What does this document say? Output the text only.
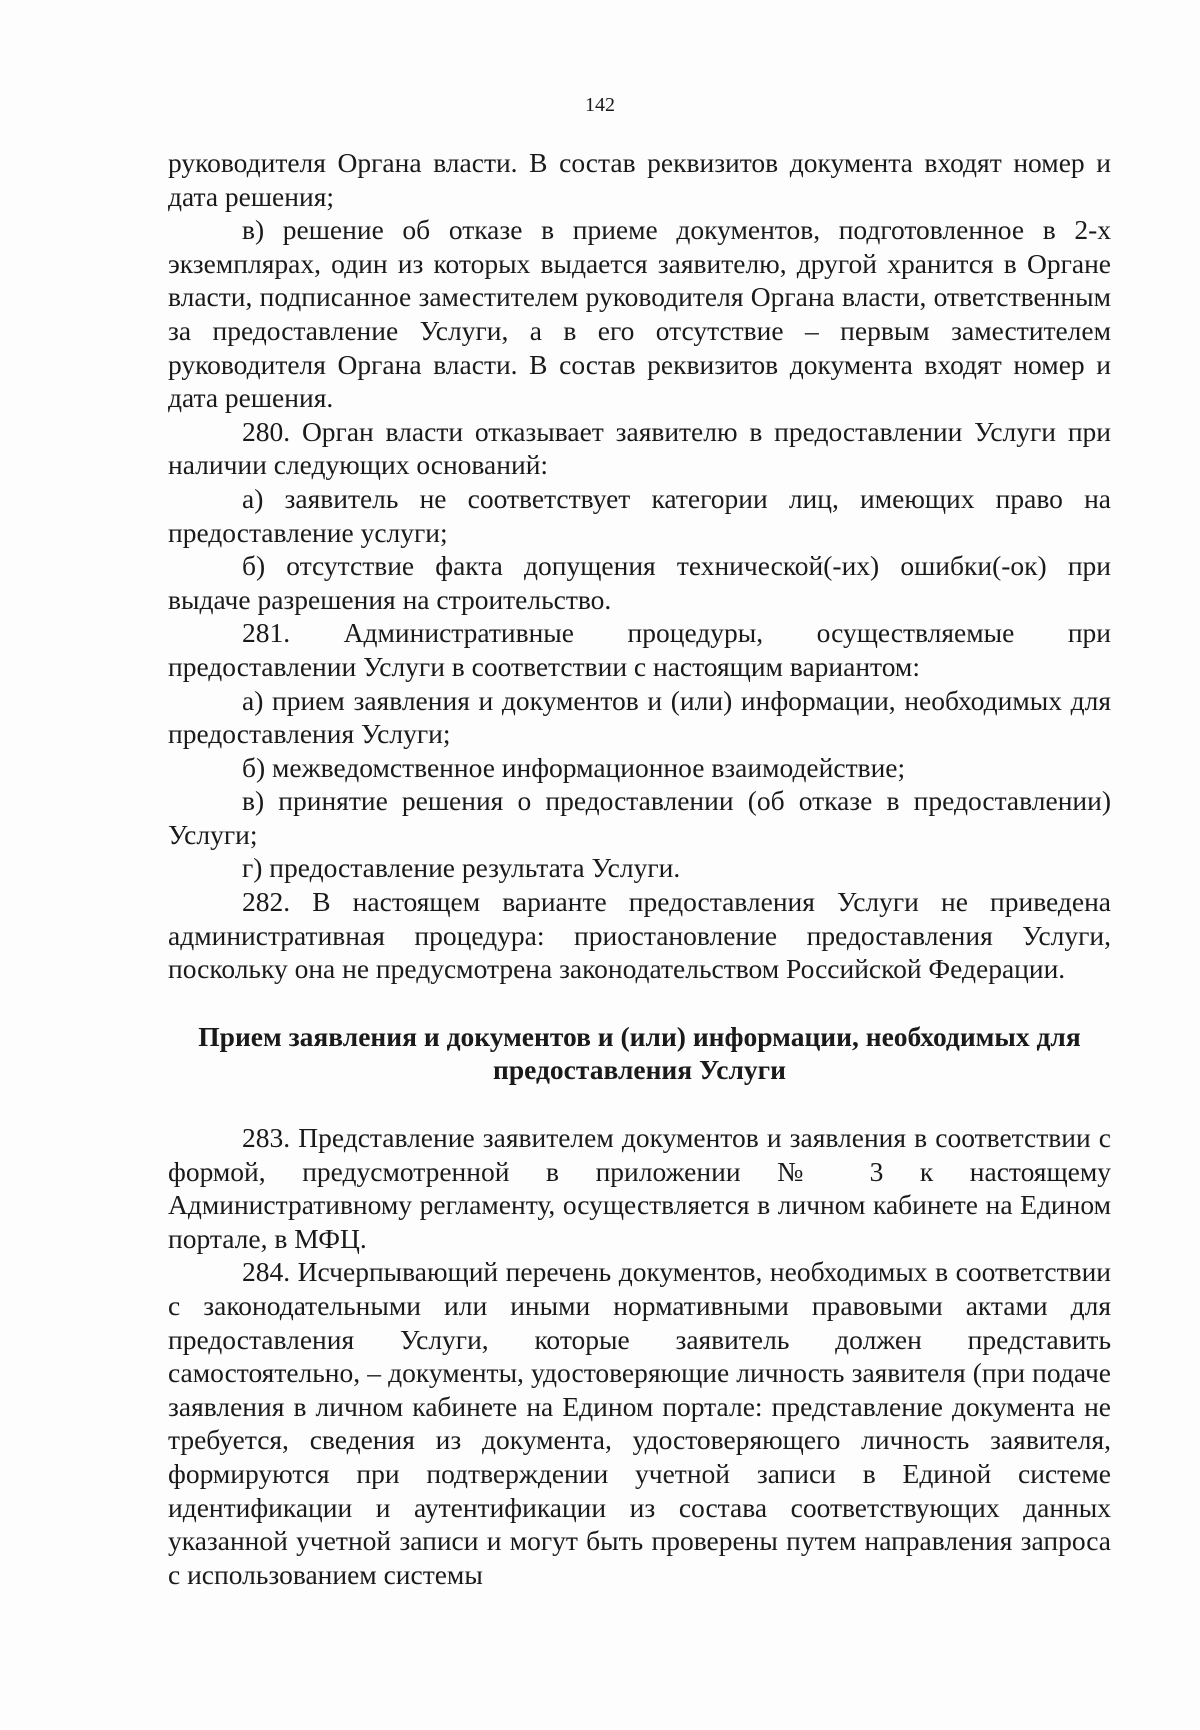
142

руководителя Органа власти. В состав реквизитов документа входят номер и дата решения;

в) решение об отказе в приеме документов, подготовленное в 2-х экземплярах, один из которых выдается заявителю, другой хранится в Органе власти, подписанное заместителем руководителя Органа власти, ответственным за предоставление Услуги, а в его отсутствие – первым заместителем руководителя Органа власти. В состав реквизитов документа входят номер и дата решения.

280. Орган власти отказывает заявителю в предоставлении Услуги при наличии следующих оснований:

а) заявитель не соответствует категории лиц, имеющих право на предоставление услуги;

б) отсутствие факта допущения технической(-их) ошибки(-ок) при выдаче разрешения на строительство.

281. Административные процедуры, осуществляемые при предоставлении Услуги в соответствии с настоящим вариантом:

а) прием заявления и документов и (или) информации, необходимых для предоставления Услуги;

б) межведомственное информационное взаимодействие;

в) принятие решения о предоставлении (об отказе в предоставлении) Услуги;

г) предоставление результата Услуги.

282. В настоящем варианте предоставления Услуги не приведена административная процедура: приостановление предоставления Услуги, поскольку она не предусмотрена законодательством Российской Федерации.

Прием заявления и документов и (или) информации, необходимых для предоставления Услуги

283. Представление заявителем документов и заявления в соответствии с формой, предусмотренной в приложении № 3 к настоящему Административному регламенту, осуществляется в личном кабинете на Едином портале, в МФЦ.

284. Исчерпывающий перечень документов, необходимых в соответствии с законодательными или иными нормативными правовыми актами для предоставления Услуги, которые заявитель должен представить самостоятельно, – документы, удостоверяющие личность заявителя (при подаче заявления в личном кабинете на Едином портале: представление документа не требуется, сведения из документа, удостоверяющего личность заявителя, формируются при подтверждении учетной записи в Единой системе идентификации и аутентификации из состава соответствующих данных указанной учетной записи и могут быть проверены путем направления запроса с использованием системы
